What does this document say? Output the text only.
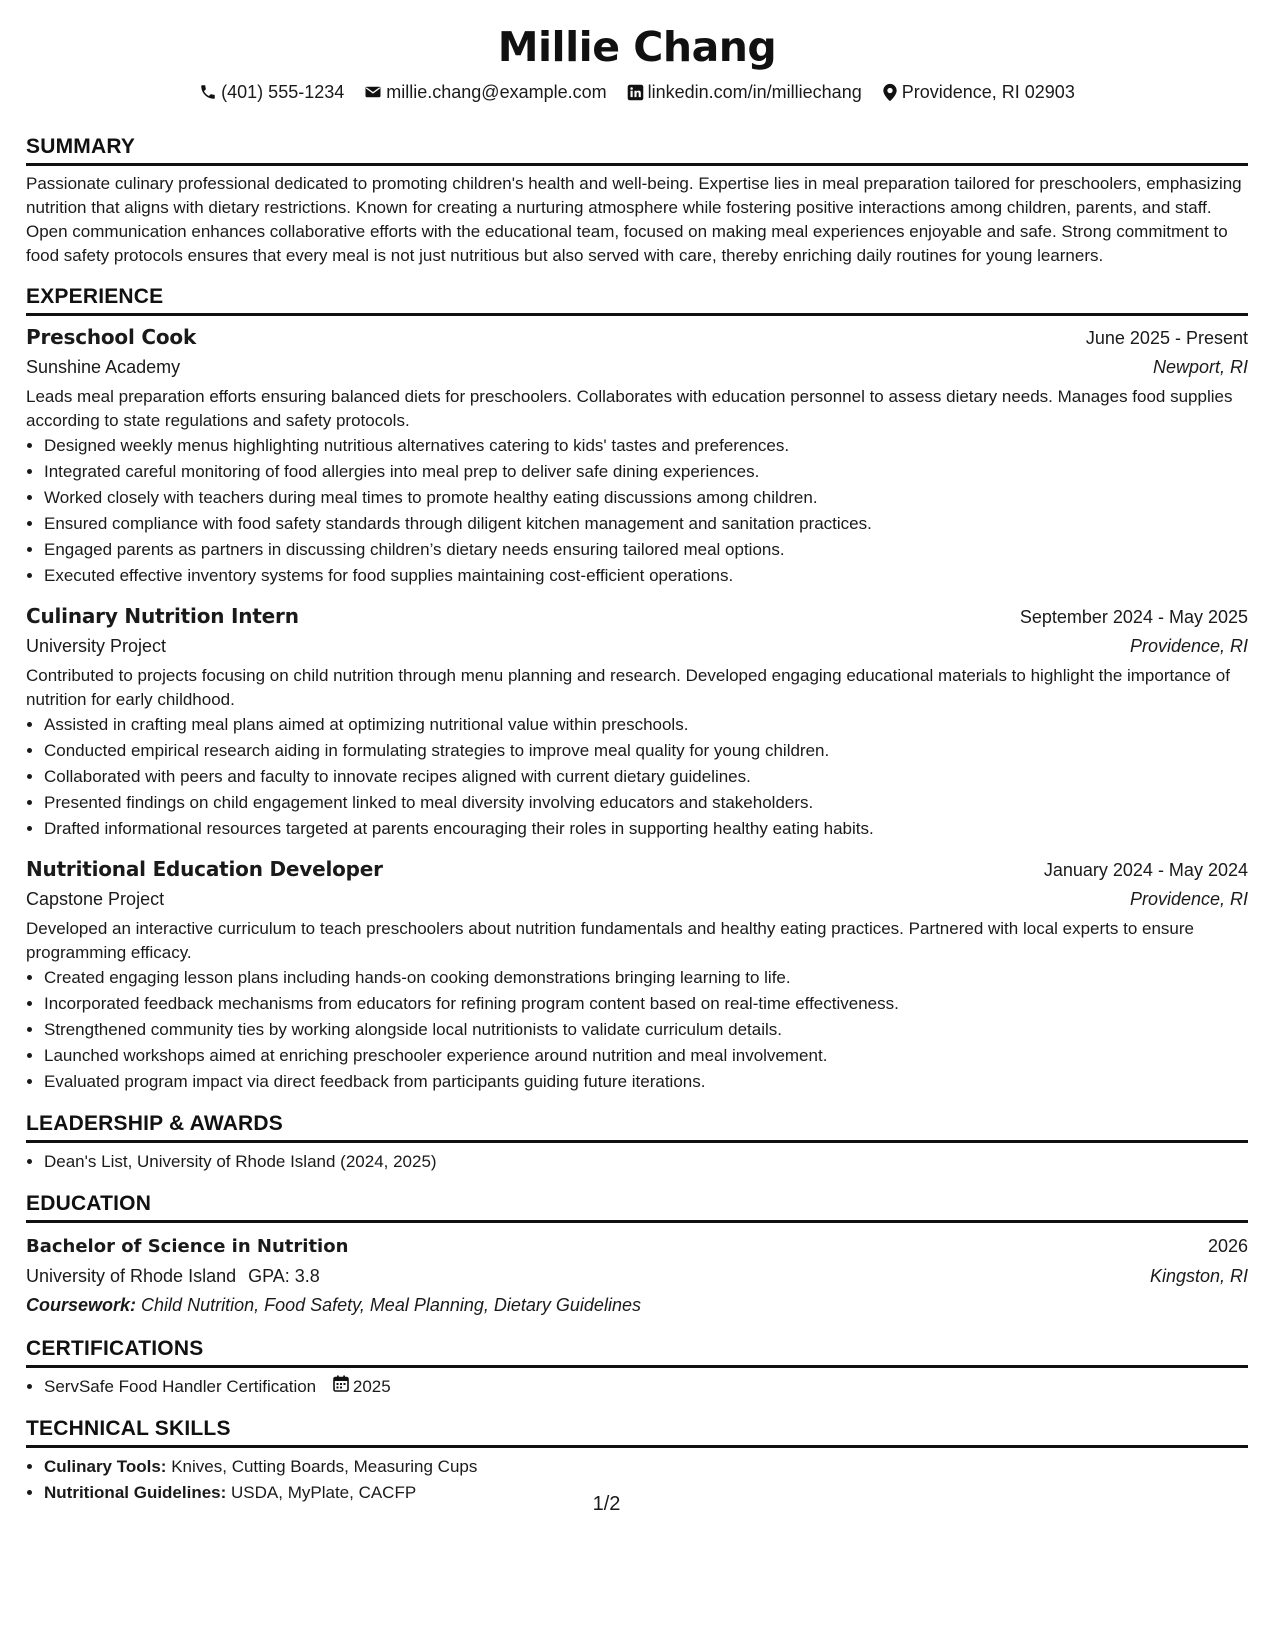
Millie Chang
(401) 555-1234 millie.chang@example.com linkedin.com/in/milliechang Providence, RI 02903
SUMMARY
Passionate culinary professional dedicated to promoting children's health and well-being. Expertise lies in meal preparation tailored for preschoolers, emphasizing nutrition that aligns with dietary restrictions. Known for creating a nurturing atmosphere while fostering positive interactions among children, parents, and staff. Open communication enhances collaborative efforts with the educational team, focused on making meal experiences enjoyable and safe. Strong commitment to food safety protocols ensures that every meal is not just nutritious but also served with care, thereby enriching daily routines for young learners.
EXPERIENCE
Preschool Cook	June 2025 - Present
Sunshine Academy	Newport, RI
Leads meal preparation efforts ensuring balanced diets for preschoolers. Collaborates with education personnel to assess dietary needs. Manages food supplies according to state regulations and safety protocols.
• Designed weekly menus highlighting nutritious alternatives catering to kids' tastes and preferences.
• Integrated careful monitoring of food allergies into meal prep to deliver safe dining experiences.
• Worked closely with teachers during meal times to promote healthy eating discussions among children.
• Ensured compliance with food safety standards through diligent kitchen management and sanitation practices.
• Engaged parents as partners in discussing children’s dietary needs ensuring tailored meal options.
• Executed effective inventory systems for food supplies maintaining cost-efficient operations.
Culinary Nutrition Intern	September 2024 - May 2025
University Project	Providence, RI
Contributed to projects focusing on child nutrition through menu planning and research. Developed engaging educational materials to highlight the importance of nutrition for early childhood.
• Assisted in crafting meal plans aimed at optimizing nutritional value within preschools.
• Conducted empirical research aiding in formulating strategies to improve meal quality for young children.
• Collaborated with peers and faculty to innovate recipes aligned with current dietary guidelines.
• Presented findings on child engagement linked to meal diversity involving educators and stakeholders.
• Drafted informational resources targeted at parents encouraging their roles in supporting healthy eating habits.
Nutritional Education Developer	January 2024 - May 2024
Capstone Project	Providence, RI
Developed an interactive curriculum to teach preschoolers about nutrition fundamentals and healthy eating practices. Partnered with local experts to ensure programming efficacy.
• Created engaging lesson plans including hands-on cooking demonstrations bringing learning to life.
• Incorporated feedback mechanisms from educators for refining program content based on real-time effectiveness.
• Strengthened community ties by working alongside local nutritionists to validate curriculum details.
• Launched workshops aimed at enriching preschooler experience around nutrition and meal involvement.
• Evaluated program impact via direct feedback from participants guiding future iterations.
LEADERSHIP & AWARDS
• Dean's List, University of Rhode Island (2024, 2025)
EDUCATION
Bachelor of Science in Nutrition	2026
University of Rhode Island GPA: 3.8	Kingston, RI
Coursework: Child Nutrition, Food Safety, Meal Planning, Dietary Guidelines
CERTIFICATIONS
• ServSafe Food Handler Certification 2025
TECHNICAL SKILLS
• Culinary Tools: Knives, Cutting Boards, Measuring Cups
• Nutritional Guidelines: USDA, MyPlate, CACFP
1/2
